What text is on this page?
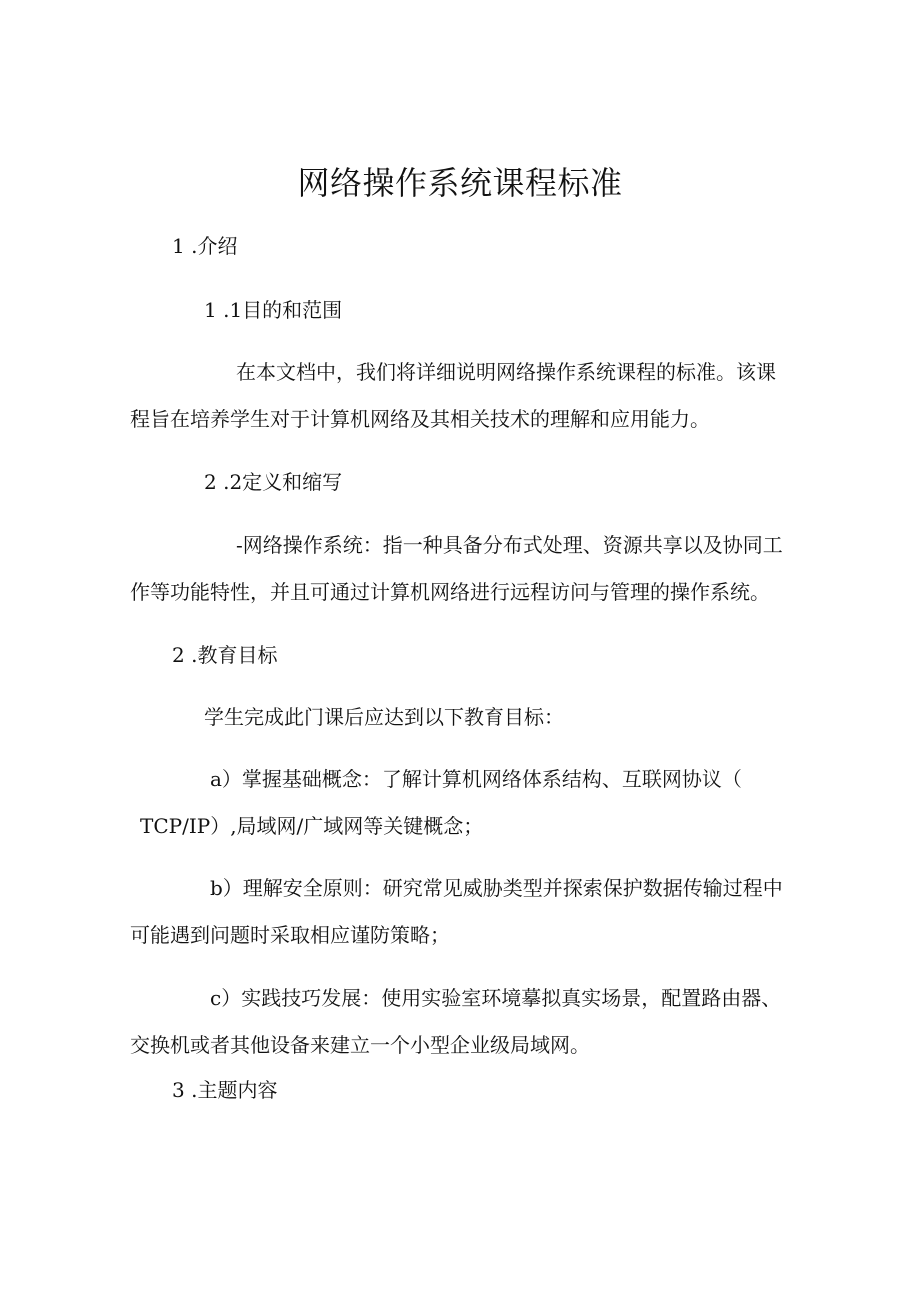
网络操作系统课程标准

1 .介绍

1 .1目的和范围

在本文档中，我们将详细说明网络操作系统课程的标准。该课

程旨在培养学生对于计算机网络及其相关技术的理解和应用能力。

2 .2定义和缩写

-网络操作系统：指一种具备分布式处理、资源共享以及协同工

作等功能特性，并且可通过计算机网络进行远程访问与管理的操作系统。

2 .教育目标

学生完成此门课后应达到以下教育目标：

a）掌握基础概念：了解计算机网络体系结构、互联网协议（

TCP/IP）,局域网/广域网等关键概念；

b）理解安全原则：研究常见威胁类型并探索保护数据传输过程中

可能遇到问题时采取相应谨防策略；

c）实践技巧发展：使用实验室环境摹拟真实场景，配置路由器、

交换机或者其他设备来建立一个小型企业级局域网。

3 .主题内容
